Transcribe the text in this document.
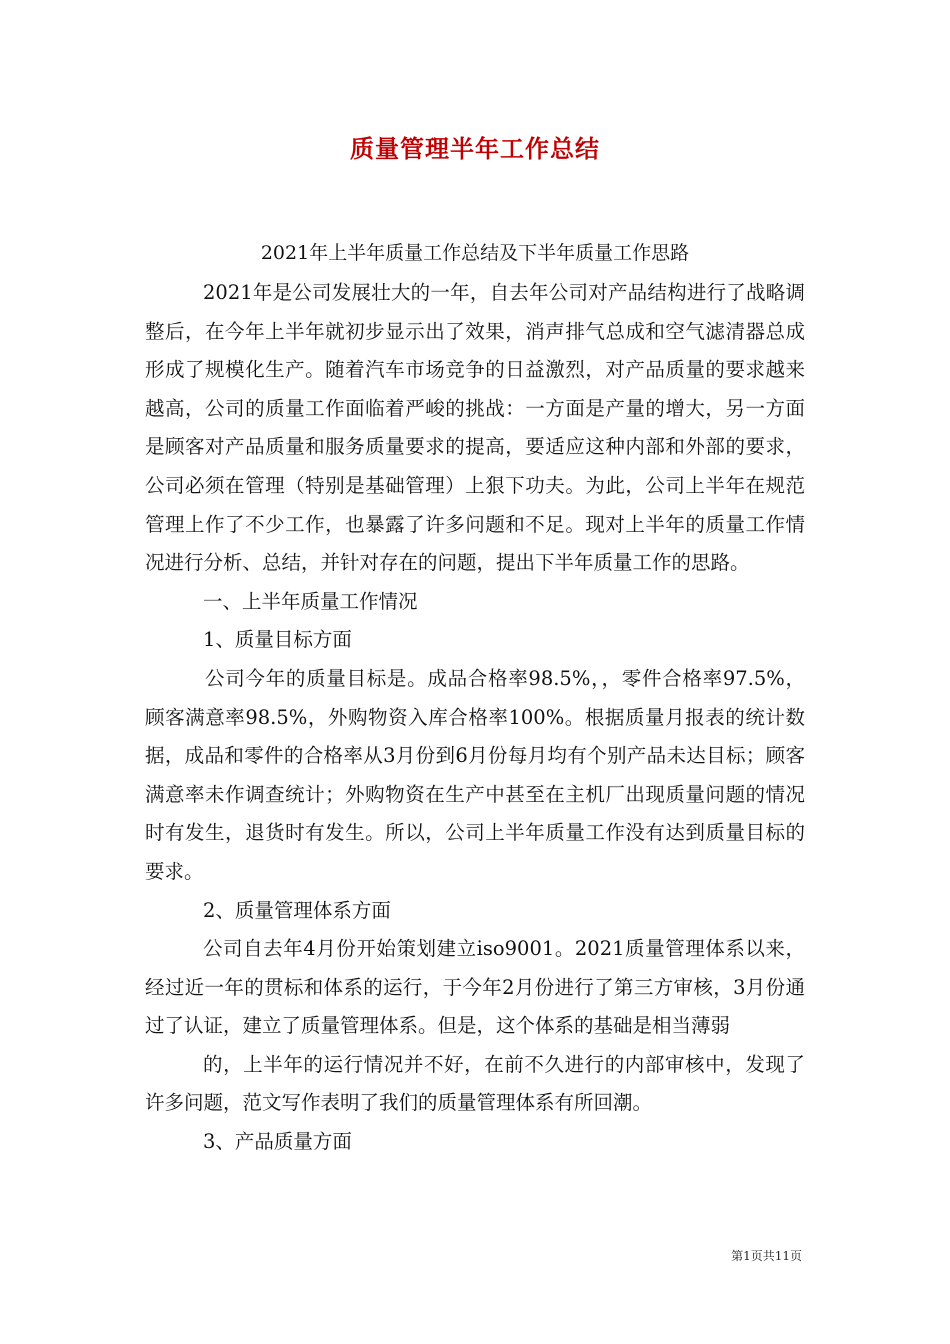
质量管理半年工作总结
2021年上半年质量工作总结及下半年质量工作思路

2021年是公司发展壮大的一年，自去年公司对产品结构进行了战略调整后，在今年上半年就初步显示出了效果，消声排气总成和空气滤清器总成形成了规模化生产。随着汽车市场竞争的日益激烈，对产品质量的要求越来越高，公司的质量工作面临着严峻的挑战：一方面是产量的增大，另一方面是顾客对产品质量和服务质量要求的提高，要适应这种内部和外部的要求，公司必须在管理（特别是基础管理）上狠下功夫。为此，公司上半年在规范管理上作了不少工作，也暴露了许多问题和不足。现对上半年的质量工作情况进行分析、总结，并针对存在的问题，提出下半年质量工作的思路。

一、上半年质量工作情况

1、质量目标方面

公司今年的质量目标是。成品合格率98.5%，，零件合格率97.5%，顾客满意率98.5%，外购物资入库合格率100%。根据质量月报表的统计数据，成品和零件的合格率从3月份到6月份每月均有个别产品未达目标；顾客满意率未作调查统计；外购物资在生产中甚至在主机厂出现质量问题的情况时有发生，退货时有发生。所以，公司上半年质量工作没有达到质量目标的要求。

2、质量管理体系方面

公司自去年4月份开始策划建立iso9001。2021质量管理体系以来，经过近一年的贯标和体系的运行，于今年2月份进行了第三方审核，3月份通过了认证，建立了质量管理体系。但是，这个体系的基础是相当薄弱

的，上半年的运行情况并不好，在前不久进行的内部审核中，发现了许多问题，范文写作表明了我们的质量管理体系有所回潮。

3、产品质量方面

第1页共11页
